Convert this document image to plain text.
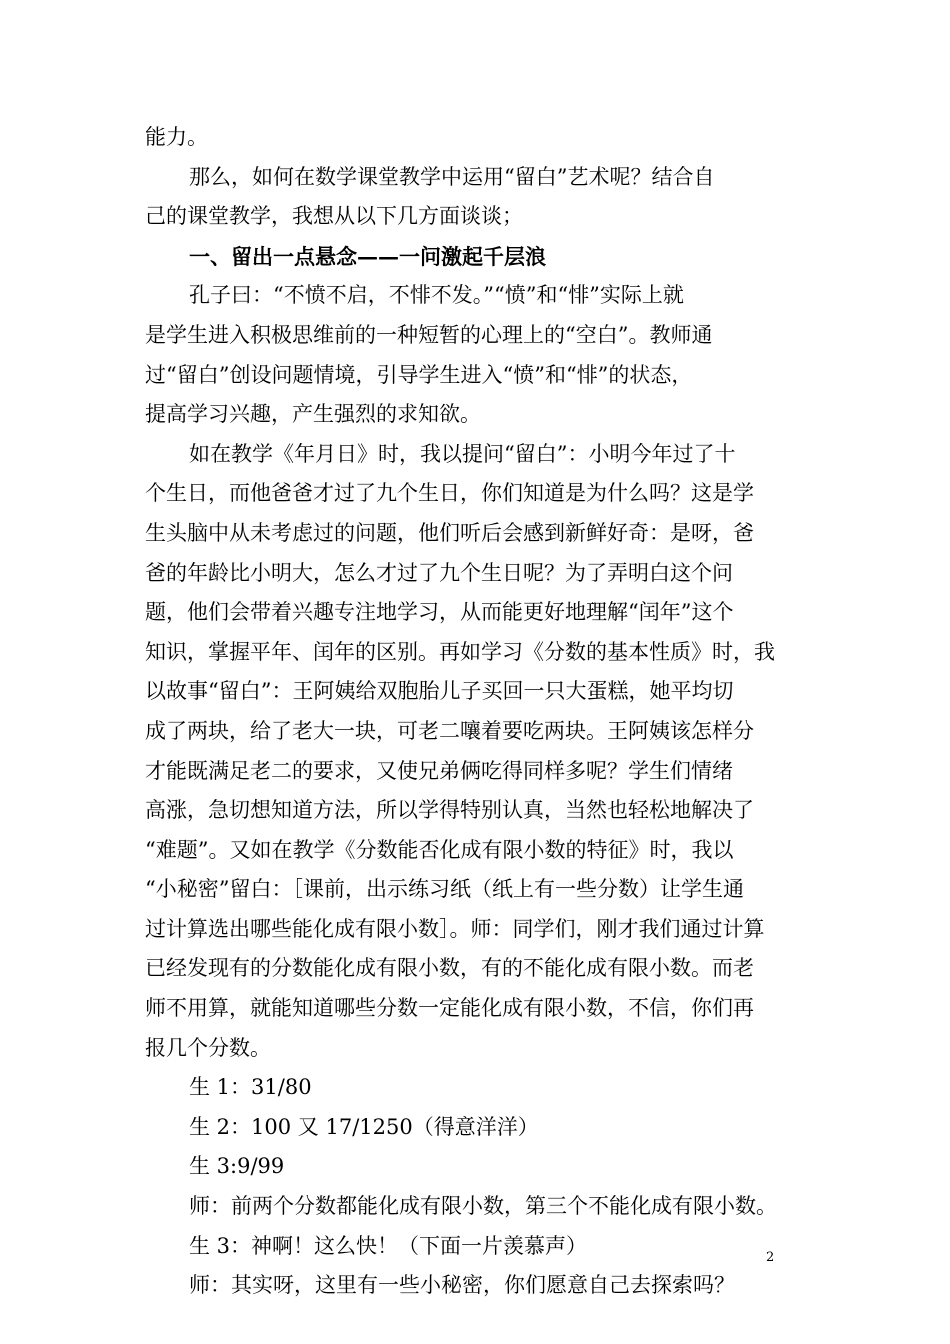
能力。
那么，如何在数学课堂教学中运用“留白”艺术呢？结合自
己的课堂教学，我想从以下几方面谈谈；
一、留出一点悬念——一问激起千层浪
孔子曰：“不愤不启，不悱不发。”“愤”和“悱”实际上就
是学生进入积极思维前的一种短暂的心理上的“空白”。教师通
过“留白”创设问题情境，引导学生进入“愤”和“悱”的状态，
提高学习兴趣，产生强烈的求知欲。
如在教学《年月日》时，我以提问“留白”：小明今年过了十
个生日，而他爸爸才过了九个生日，你们知道是为什么吗？这是学
生头脑中从未考虑过的问题，他们听后会感到新鲜好奇：是呀，爸
爸的年龄比小明大，怎么才过了九个生日呢？为了弄明白这个问
题，他们会带着兴趣专注地学习，从而能更好地理解“闰年”这个
知识，掌握平年、闰年的区别。再如学习《分数的基本性质》时，我
以故事“留白”：王阿姨给双胞胎儿子买回一只大蛋糕，她平均切
成了两块，给了老大一块，可老二嚷着要吃两块。王阿姨该怎样分
才能既满足老二的要求，又使兄弟俩吃得同样多呢？学生们情绪
高涨，急切想知道方法，所以学得特别认真，当然也轻松地解决了
“难题”。又如在教学《分数能否化成有限小数的特征》时，我以
“小秘密”留白：［课前，出示练习纸（纸上有一些分数）让学生通
过计算选出哪些能化成有限小数］。师：同学们，刚才我们通过计算
已经发现有的分数能化成有限小数，有的不能化成有限小数。而老
师不用算，就能知道哪些分数一定能化成有限小数，不信，你们再
报几个分数。
生 1：31/80
生 2：100 又 17/1250（得意洋洋）
生 3:9/99
师：前两个分数都能化成有限小数，第三个不能化成有限小数。
生 3：神啊！这么快！（下面一片羡慕声）
师：其实呀，这里有一些小秘密，你们愿意自己去探索吗？
2
